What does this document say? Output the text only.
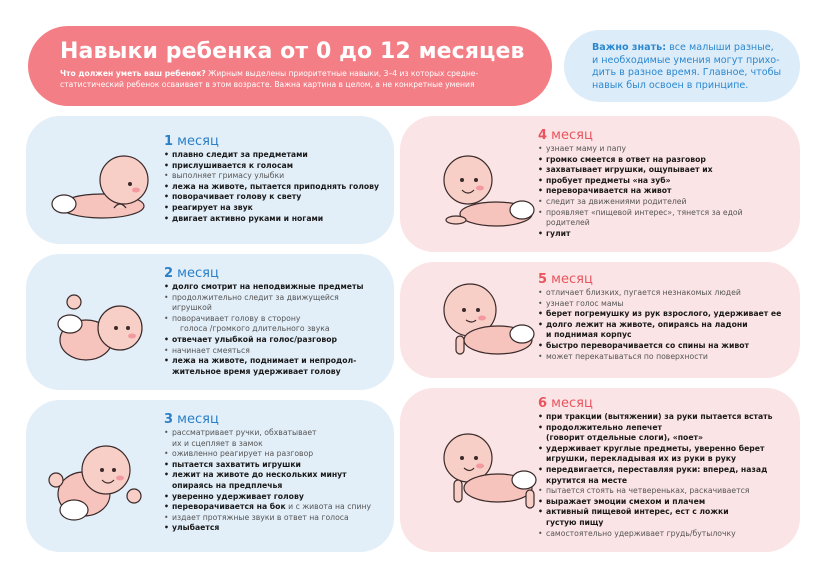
Навыки ребенка от 0 до 12 месяцев
Что должен уметь ваш ребенок? Жирным выделены приоритетные навыки, 3–4 из которых средне-
статистический ребенок осваивает в этом возрасте. Важна картина в целом, а не конкретные умения
Важно знать: все малыши разные,
и необходимые умения могут прихо-
дить в разное время. Главное, чтобы
навык был освоен в принципе.
1 месяц
• плавно следит за предметами
• прислушивается к голосам
• выполняет гримасу улыбки
• лежа на животе, пытается приподнять голову
• поворачивает голову к свету
• реагирует на звук
• двигает активно руками и ногами
2 месяц
• долго смотрит на неподвижные предметы
• продолжительно следит за движущейся
игрушкой
• поворачивает голову в сторону
голоса /громкого длительного звука
• отвечает улыбкой на голос/разговор
• начинает смеяться
• лежа на животе, поднимает и непродол-
жительное время удерживает голову
3 месяц
• рассматривает ручки, обхватывает
их и сцепляет в замок
• оживленно реагирует на разговор
• пытается захватить игрушки
• лежит на животе до нескольких минут
опираясь на предплечья
• уверенно удерживает голову
• переворачивается на бок и с живота на спину
• издает протяжные звуки в ответ на голоса
• улыбается
4 месяц
• узнает маму и папу
• громко смеется в ответ на разговор
• захватывает игрушки, ощупывает их
• пробует предметы «на зуб»
• переворачивается на живот
• следит за движениями родителей
• проявляет «пищевой интерес», тянется за едой
родителей
• гулит
5 месяц
• отличает близких, пугается незнакомых людей
• узнает голос мамы
• берет погремушку из рук взрослого, удерживает ее
• долго лежит на животе, опираясь на ладони
и поднимая корпус
• быстро переворачивается со спины на живот
• может перекатываться по поверхности
6 месяц
• при тракции (вытяжении) за руки пытается встать
• продолжительно лепечет
(говорит отдельные слоги), «поет»
• удерживает круглые предметы, уверенно берет
игрушки, перекладывая их из руки в руку
• передвигается, переставляя руки: вперед, назад
крутится на месте
• пытается стоять на четвереньках, раскачивается
• выражает эмоции смехом и плачем
• активный пищевой интерес, ест с ложки
густую пищу
• самостоятельно удерживает грудь/бутылочку
